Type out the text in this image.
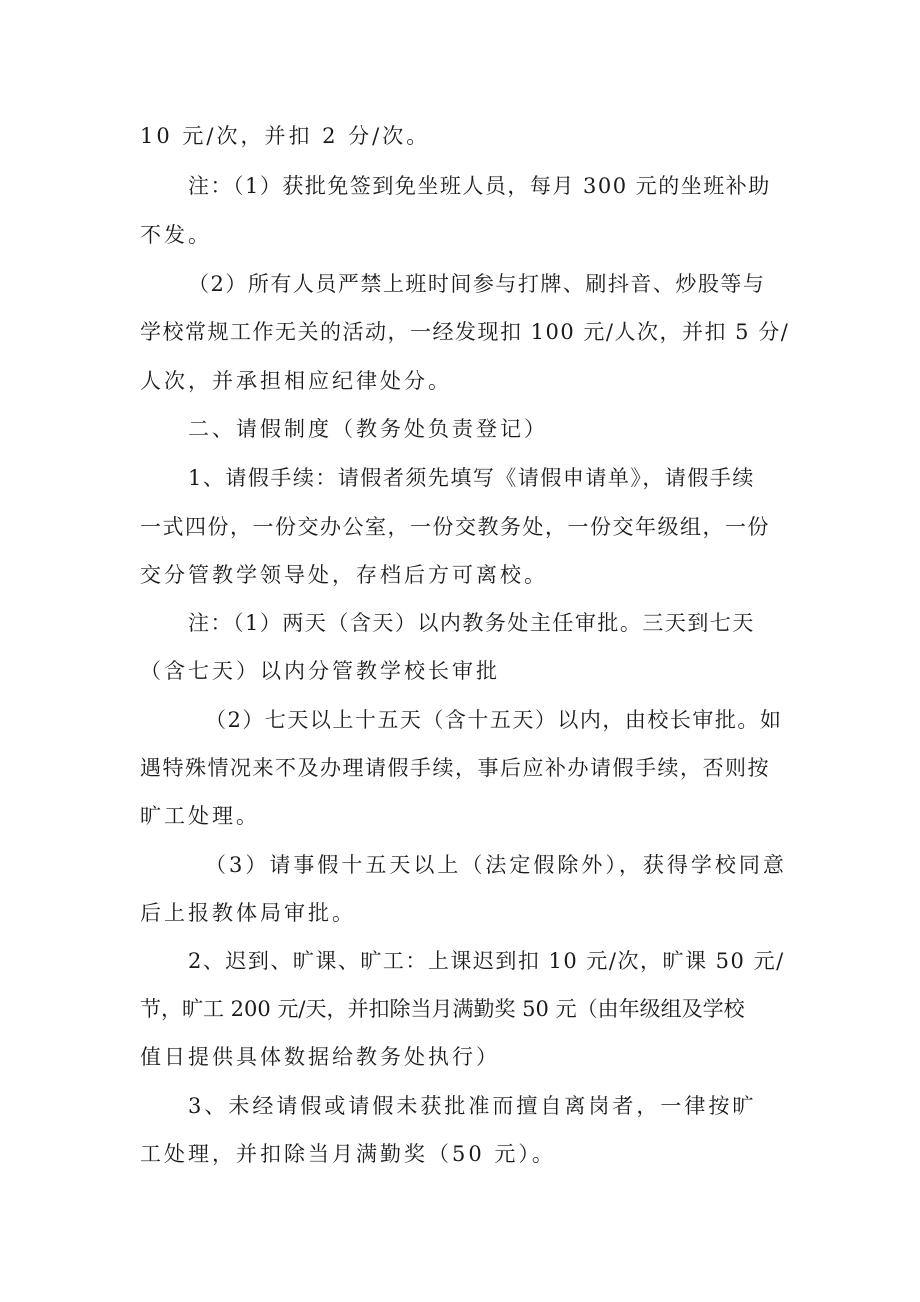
10 元/次，并扣 2 分/次。
注：（1）获批免签到免坐班人员，每月 300 元的坐班补助
不发。
（2）所有人员严禁上班时间参与打牌、刷抖音、炒股等与
学校常规工作无关的活动，一经发现扣 100 元/人次，并扣 5 分/
人次，并承担相应纪律处分。
二、请假制度（教务处负责登记）
1、请假手续：请假者须先填写《请假申请单》，请假手续
一式四份，一份交办公室，一份交教务处，一份交年级组，一份
交分管教学领导处，存档后方可离校。
注：（1）两天（含天）以内教务处主任审批。三天到七天
（含七天）以内分管教学校长审批
（2）七天以上十五天（含十五天）以内，由校长审批。如
遇特殊情况来不及办理请假手续，事后应补办请假手续，否则按
旷工处理。
（3）请事假十五天以上（法定假除外），获得学校同意
后上报教体局审批。
2、迟到、旷课、旷工：上课迟到扣 10 元/次，旷课 50 元/
节，旷工 200 元/天，并扣除当月满勤奖 50 元（由年级组及学校
值日提供具体数据给教务处执行）
3、未经请假或请假未获批准而擅自离岗者，一律按旷
工处理，并扣除当月满勤奖（50 元）。
